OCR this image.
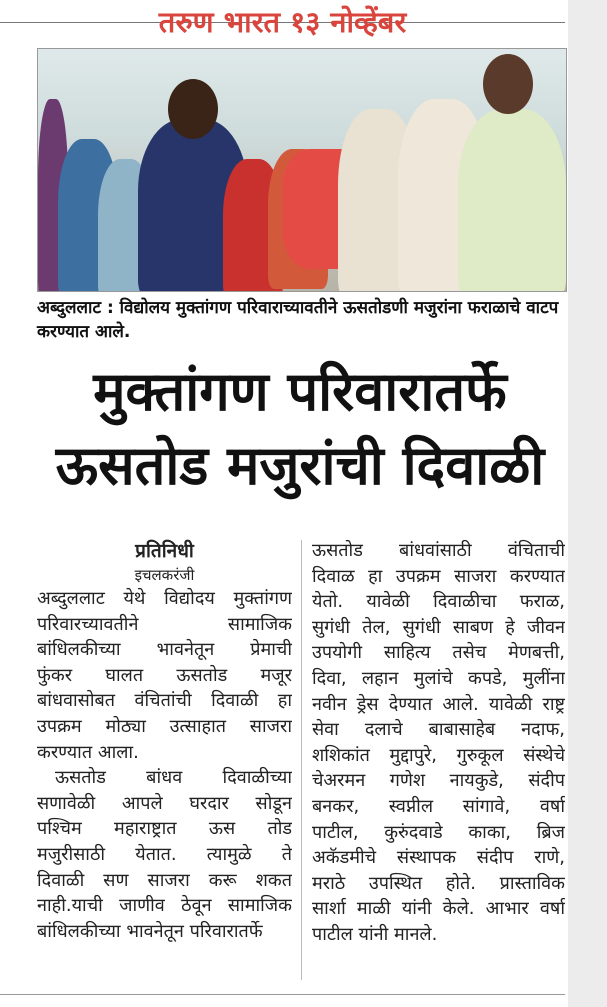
तरुण भारत १३ नोव्हेंबर
अब्दुललाट : विद्योलय मुक्तांगण परिवाराच्यावतीने ऊसतोडणी मजुरांना फराळाचे वाटप करण्यात आले.
मुक्तांगण परिवारातर्फे
ऊसतोड मजुरांची दिवाळी
प्रतिनिधी
इचलकरंजी
अब्दुललाट येथे विद्योदय मुक्तांगण
परिवारच्यावतीने सामाजिक
बांधिलकीच्या भावनेतून प्रेमाची
फुंकर घालत ऊसतोड मजूर
बांधवासोबत वंचितांची दिवाळी हा
उपक्रम मोठ्या उत्साहात साजरा
करण्यात आला.
ऊसतोड बांधव दिवाळीच्या
सणावेळी आपले घरदार सोडून
पश्चिम महाराष्ट्रात ऊस तोड
मजुरीसाठी येतात. त्यामुळे ते
दिवाळी सण साजरा करू शकत
नाही.याची जाणीव ठेवून सामाजिक
बांधिलकीच्या भावनेतून परिवारातर्फे
ऊसतोड बांधवांसाठी वंचिताची
दिवाळ हा उपक्रम साजरा करण्यात
येतो. यावेळी दिवाळीचा फराळ,
सुगंधी तेल, सुगंधी साबण हे जीवन
उपयोगी साहित्य तसेच मेणबत्ती,
दिवा, लहान मुलांचे कपडे, मुलींना
नवीन ड्रेस देण्यात आले. यावेळी राष्ट्र
सेवा दलाचे बाबासाहेब नदाफ,
शशिकांत मुद्दापुरे, गुरुकूल संस्थेचे
चेअरमन गणेश नायकुडे, संदीप
बनकर, स्वप्नील सांगावे, वर्षा
पाटील, कुरुंदवाडे काका, ब्रिज
अकॅडमीचे संस्थापक संदीप राणे,
मराठे उपस्थित होते. प्रास्ताविक
सार्शा माळी यांनी केले. आभार वर्षा
पाटील यांनी मानले.
